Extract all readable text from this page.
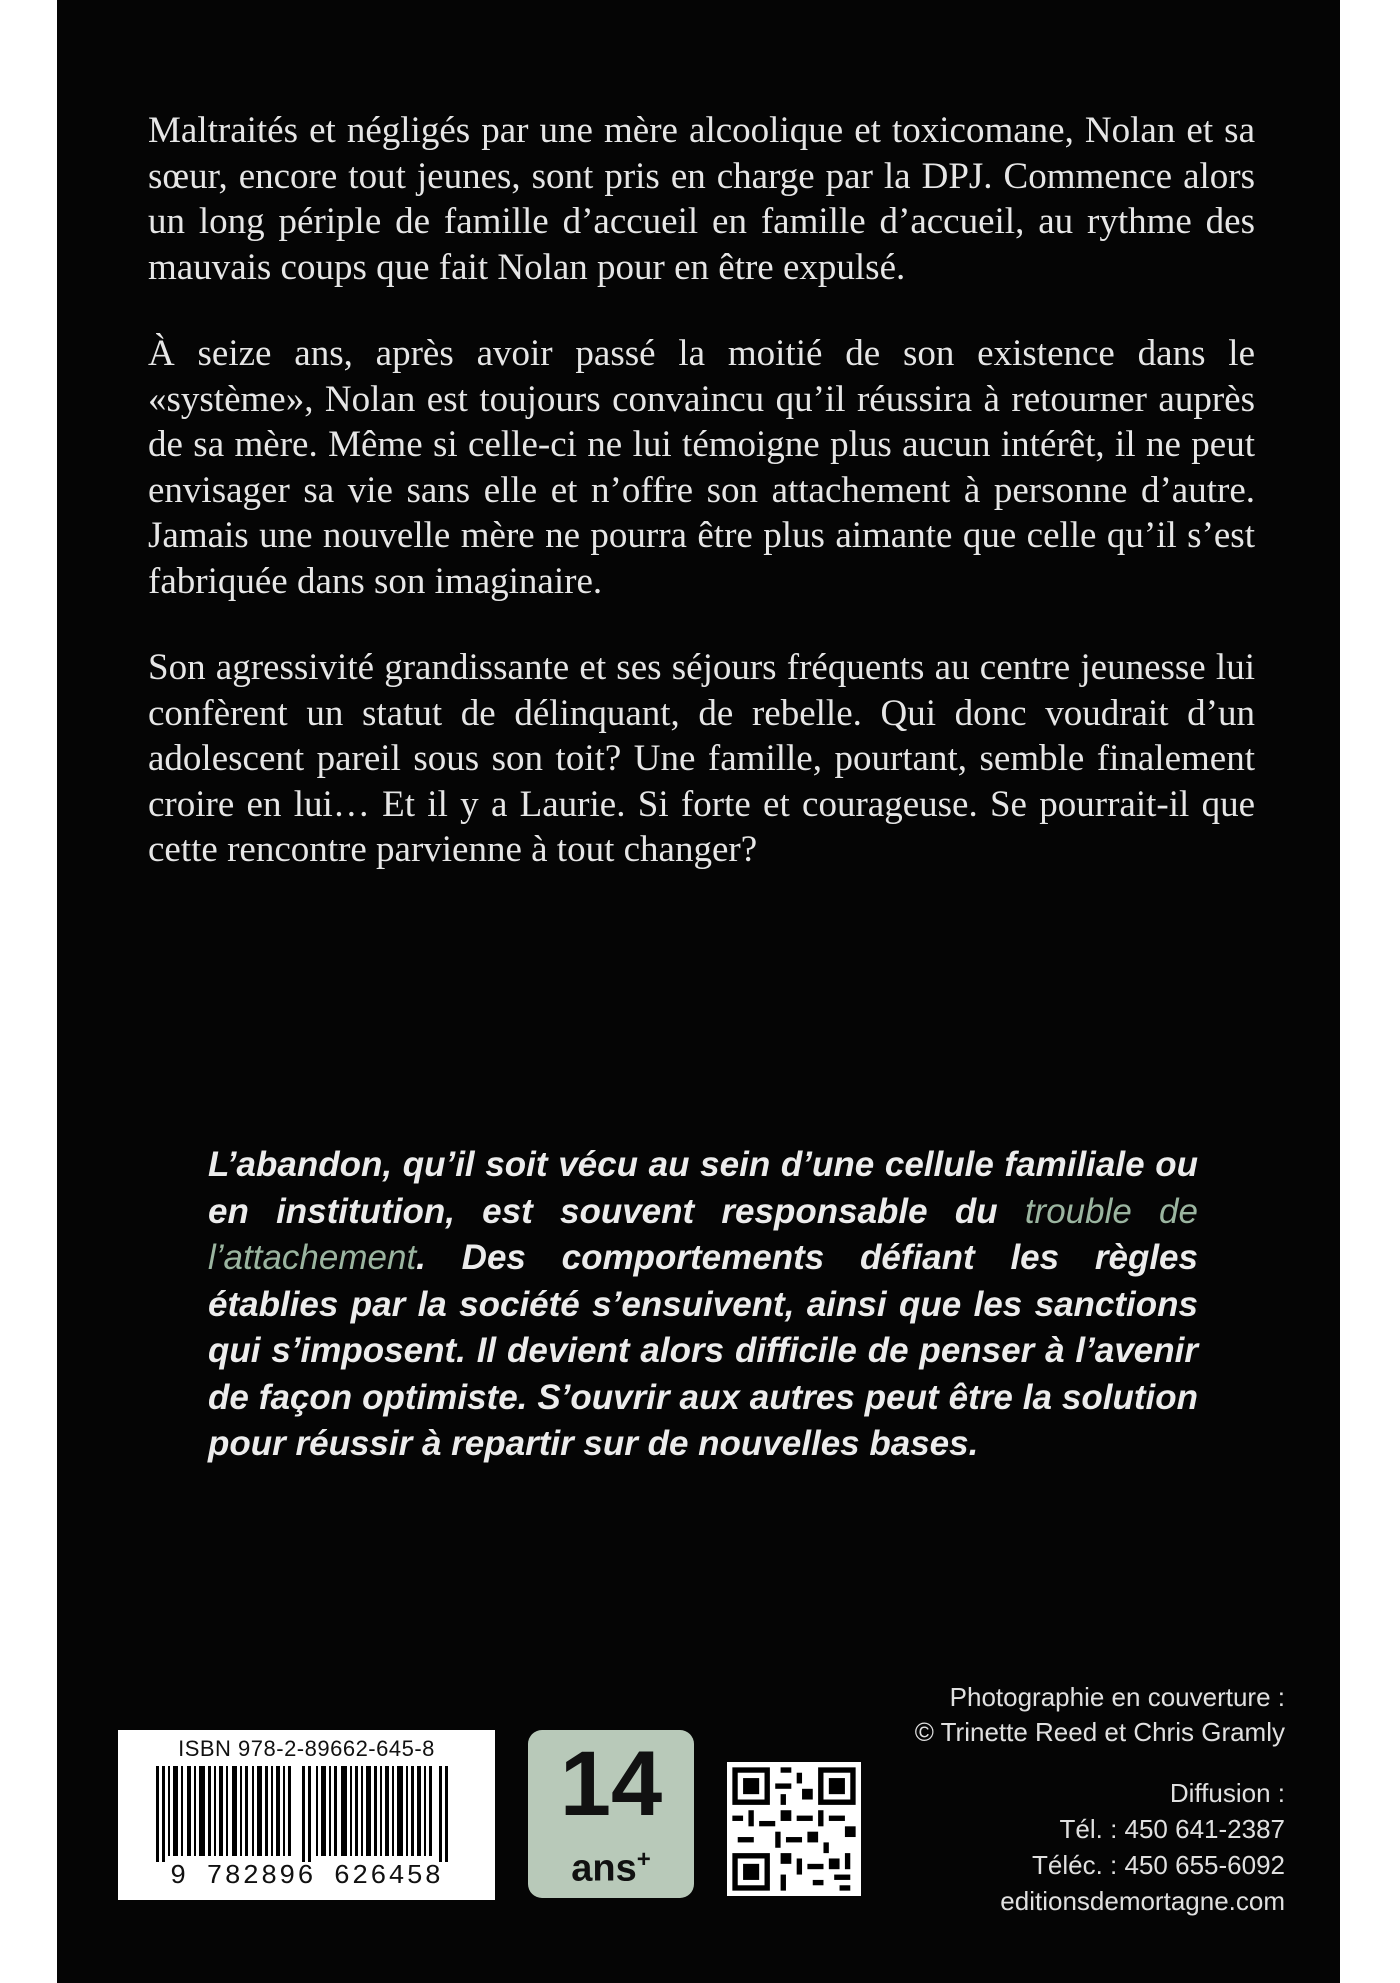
Maltraités et négligés par une mère alcoolique et toxicomane, Nolan et sa sœur, encore tout jeunes, sont pris en charge par la DPJ. Commence alors un long périple de famille d’accueil en famille d’accueil, au rythme des mauvais coups que fait Nolan pour en être expulsé.

À seize ans, après avoir passé la moitié de son existence dans le «système», Nolan est toujours convaincu qu’il réussira à retourner auprès de sa mère. Même si celle-ci ne lui témoigne plus aucun intérêt, il ne peut envisager sa vie sans elle et n’offre son attachement à personne d’autre. Jamais une nouvelle mère ne pourra être plus aimante que celle qu’il s’est fabriquée dans son imaginaire.

Son agressivité grandissante et ses séjours fréquents au centre jeunesse lui confèrent un statut de délinquant, de rebelle. Qui donc voudrait d’un adolescent pareil sous son toit? Une famille, pourtant, semble finalement croire en lui… Et il y a Laurie. Si forte et courageuse. Se pourrait-il que cette rencontre parvienne à tout changer?

L’abandon, qu’il soit vécu au sein d’une cellule familiale ou en institution, est souvent responsable du trouble de l’attachement. Des comportements défiant les règles établies par la société s’ensuivent, ainsi que les sanctions qui s’imposent. Il devient alors difficile de penser à l’avenir de façon optimiste. S’ouvrir aux autres peut être la solution pour réussir à repartir sur de nouvelles bases.
Photographie en couverture :
© Trinette Reed et Chris Gramly
Diffusion :
Tél. : 450 641-2387
Téléc. : 450 655-6092
editionsdemortagne.com
ISBN 978-2-89662-645-8
9 782896 626458
14
ans+
